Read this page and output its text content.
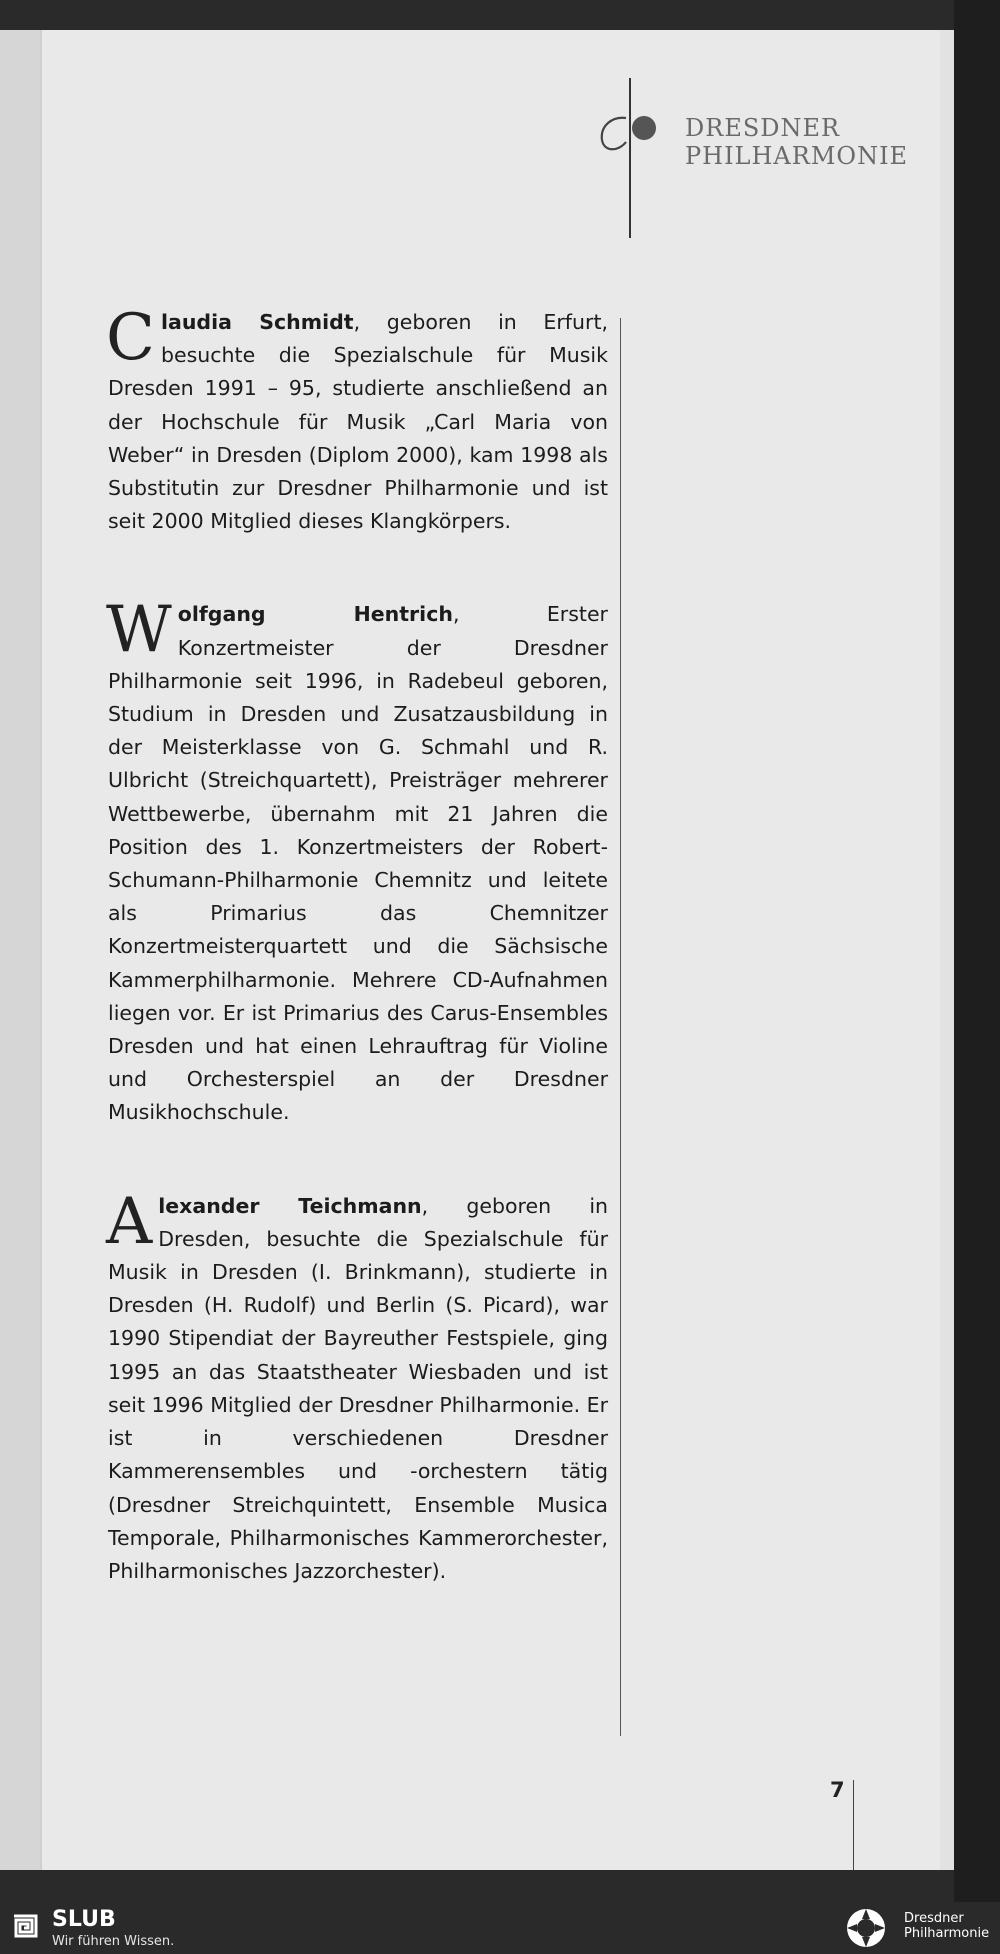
DRESDNER
PHILHARMONIE

Claudia Schmidt, geboren in Erfurt, besuchte die Spezialschule für Musik Dresden 1991 – 95, studierte anschließend an der Hochschule für Musik „Carl Maria von Weber“ in Dresden (Diplom 2000), kam 1998 als Substitutin zur Dresdner Philharmonie und ist seit 2000 Mitglied dieses Klangkörpers.

Wolfgang Hentrich, Erster Konzertmeister der Dresdner Philharmonie seit 1996, in Radebeul geboren, Studium in Dresden und Zusatzausbildung in der Meisterklasse von G. Schmahl und R. Ulbricht (Streichquartett), Preisträger mehrerer Wettbewerbe, übernahm mit 21 Jahren die Position des 1. Konzertmeisters der Robert-Schumann-Philharmonie Chemnitz und leitete als Primarius das Chemnitzer Konzertmeisterquartett und die Sächsische Kammerphilharmonie. Mehrere CD-Aufnahmen liegen vor. Er ist Primarius des Carus-Ensembles Dresden und hat einen Lehrauftrag für Violine und Orchesterspiel an der Dresdner Musikhochschule.

Alexander Teichmann, geboren in Dresden, besuchte die Spezialschule für Musik in Dresden (I. Brinkmann), studierte in Dresden (H. Rudolf) und Berlin (S. Picard), war 1990 Stipendiat der Bayreuther Festspiele, ging 1995 an das Staatstheater Wiesbaden und ist seit 1996 Mitglied der Dresdner Philharmonie. Er ist in verschiedenen Dresdner Kammerensembles und -orchestern tätig (Dresdner Streichquintett, Ensemble Musica Temporale, Philharmonisches Kammerorchester, Philharmonisches Jazzorchester).

7
SLUB
Wir führen Wissen.
Dresdner
Philharmonie
